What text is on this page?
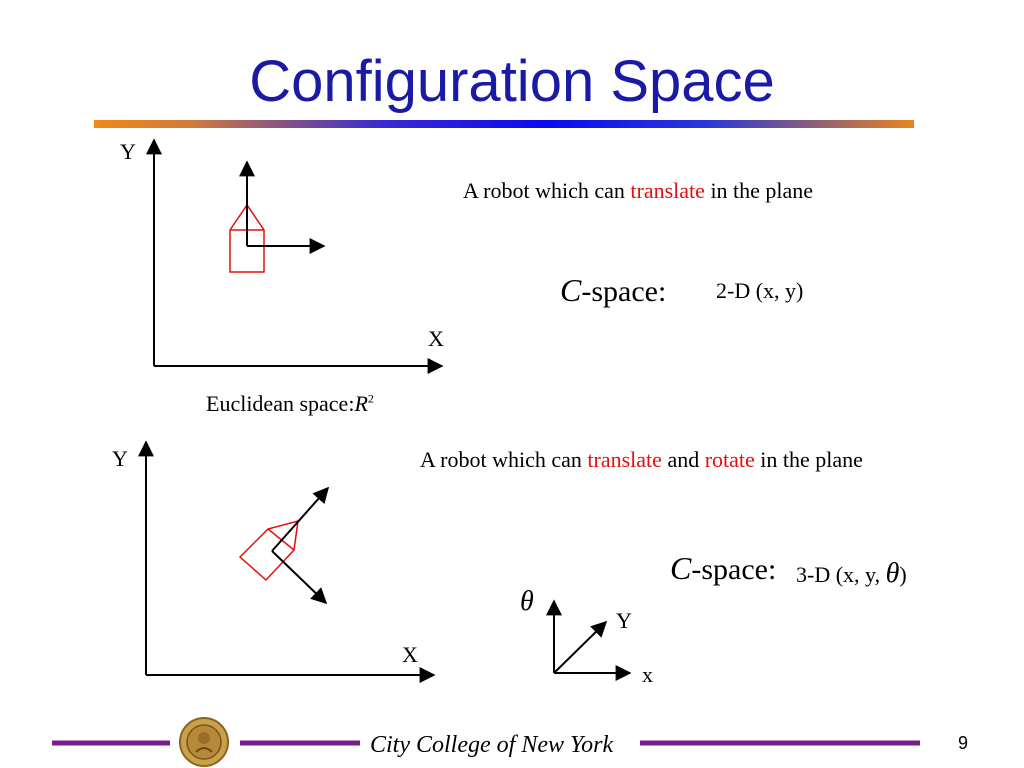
Configuration Space
Y
X
Euclidean $space:R^2$
A robot which can translate in the plane
C-space: 2-D (x, y)
Y
X
A robot which can translate and rotate in the plane
C-space: 3-D (x, y, θ)
θ
Y
x
City College of New York	9
